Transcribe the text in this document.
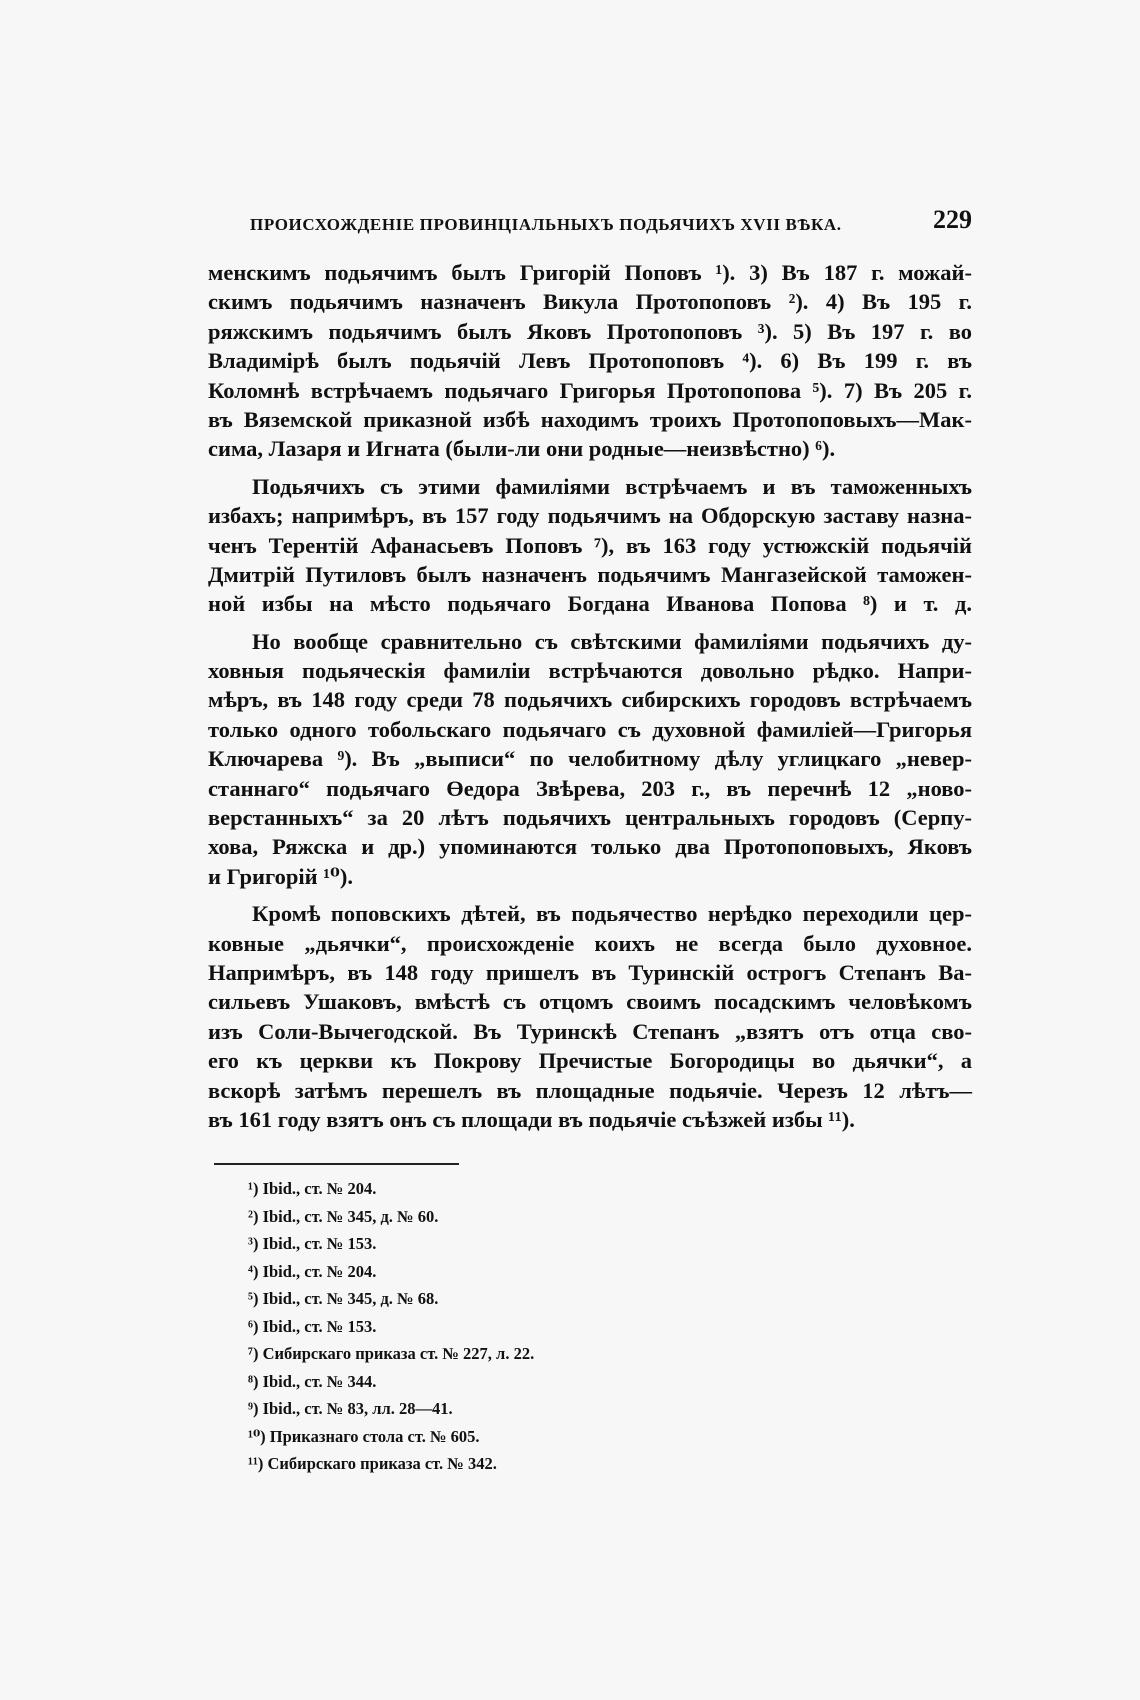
ПРОИСХОЖДЕНІЕ ПРОВИНЦІАЛЬНЫХЪ ПОДЬЯЧИХЪ XVII ВѢКА.	229
менскимъ подьячимъ былъ Григорій Поповъ ¹). 3) Въ 187 г. можай-
скимъ подьячимъ назначенъ Викула Протопоповъ ²). 4) Въ 195 г.
ряжскимъ подьячимъ былъ Яковъ Протопоповъ ³). 5) Въ 197 г. во
Владимірѣ былъ подьячій Левъ Протопоповъ ⁴). 6) Въ 199 г. въ
Коломнѣ встрѣчаемъ подьячаго Григорья Протопопова ⁵). 7) Въ 205 г.
въ Вяземской приказной избѣ находимъ троихъ Протопоповыхъ—Мак-
сима, Лазаря и Игната (были-ли они родные—неизвѣстно) ⁶).
Подьячихъ съ этими фамиліями встрѣчаемъ и въ таможенныхъ
избахъ; напримѣръ, въ 157 году подьячимъ на Обдорскую заставу назна-
ченъ Терентій Афанасьевъ Поповъ ⁷), въ 163 году устюжскій подьячій
Дмитрій Путиловъ былъ назначенъ подьячимъ Мангазейской таможен-
ной избы на мѣсто подьячаго Богдана Иванова Попова ⁸) и т. д.
Но вообще сравнительно съ свѣтскими фамиліями подьячихъ ду-
ховныя подьяческія фамиліи встрѣчаются довольно рѣдко. Напри-
мѣръ, въ 148 году среди 78 подьячихъ сибирскихъ городовъ встрѣчаемъ
только одного тобольскаго подьячаго съ духовной фамиліей—Григорья
Ключарева ⁹). Въ „выписи“ по челобитному дѣлу углицкаго „невер-
станнаго“ подьячаго Өедора Звѣрева, 203 г., въ перечнѣ 12 „ново-
верстанныхъ“ за 20 лѣтъ подьячихъ центральныхъ городовъ (Серпу-
хова, Ряжска и др.) упоминаются только два Протопоповыхъ, Яковъ
и Григорій ¹⁰).
Кромѣ поповскихъ дѣтей, въ подьячество нерѣдко переходили цер-
ковные „дьячки“, происхожденіе коихъ не всегда было духовное.
Напримѣръ, въ 148 году пришелъ въ Туринскій острогъ Степанъ Ва-
сильевъ Ушаковъ, вмѣстѣ съ отцомъ своимъ посадскимъ человѣкомъ
изъ Соли-Вычегодской. Въ Туринскѣ Степанъ „взятъ отъ отца сво-
его къ церкви къ Покрову Пречистые Богородицы во дьячки“, а
вскорѣ затѣмъ перешелъ въ площадные подьячіе. Черезъ 12 лѣтъ—
въ 161 году взятъ онъ съ площади въ подьячіе съѣзжей избы ¹¹).
¹) Ibid., ст. № 204.
²) Ibid., ст. № 345, д. № 60.
³) Ibid., ст. № 153.
⁴) Ibid., ст. № 204.
⁵) Ibid., ст. № 345, д. № 68.
⁶) Ibid., ст. № 153.
⁷) Сибирскаго приказа ст. № 227, л. 22.
⁸) Ibid., ст. № 344.
⁹) Ibid., ст. № 83, лл. 28—41.
¹⁰) Приказнаго стола ст. № 605.
¹¹) Сибирскаго приказа ст. № 342.
